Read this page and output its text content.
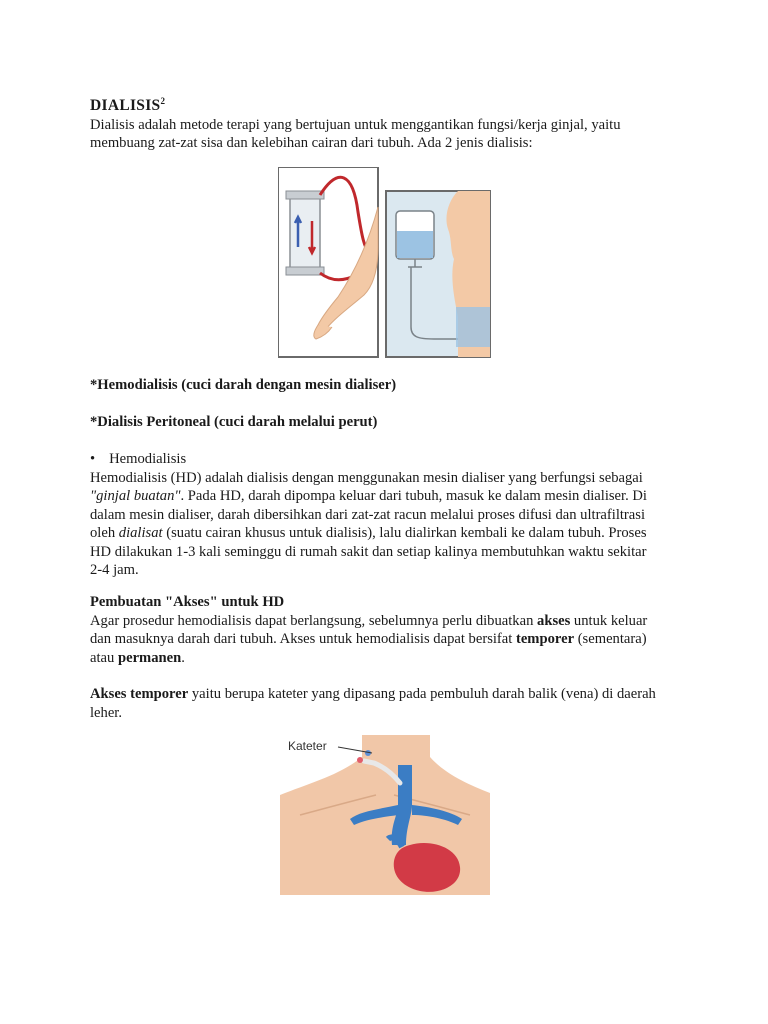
DIALISIS$^2$

Dialisis adalah metode terapi yang bertujuan untuk menggantikan fungsi/kerja ginjal, yaitu
membuang zat-zat sisa dan kelebihan cairan dari tubuh. Ada 2 jenis dialisis:

*Hemodialisis (cuci darah dengan mesin dialiser)

*Dialisis Peritoneal (cuci darah melalui perut)

• Hemodialisis

Hemodialisis (HD) adalah dialisis dengan menggunakan mesin dialiser yang berfungsi sebagai
"ginjal buatan". Pada HD, darah dipompa keluar dari tubuh, masuk ke dalam mesin dialiser. Di
dalam mesin dialiser, darah dibersihkan dari zat-zat racun melalui proses difusi dan ultrafiltrasi
oleh dialisat (suatu cairan khusus untuk dialisis), lalu dialirkan kembali ke dalam tubuh. Proses
HD dilakukan 1-3 kali seminggu di rumah sakit dan setiap kalinya membutuhkan waktu sekitar
2-4 jam.

Pembuatan "Akses" untuk HD

Agar prosedur hemodialisis dapat berlangsung, sebelumnya perlu dibuatkan akses untuk keluar
dan masuknya darah dari tubuh. Akses untuk hemodialisis dapat bersifat temporer (sementara)
atau permanen.

Akses temporer yaitu berupa kateter yang dipasang pada pembuluh darah balik (vena) di daerah
leher.

Kateter
